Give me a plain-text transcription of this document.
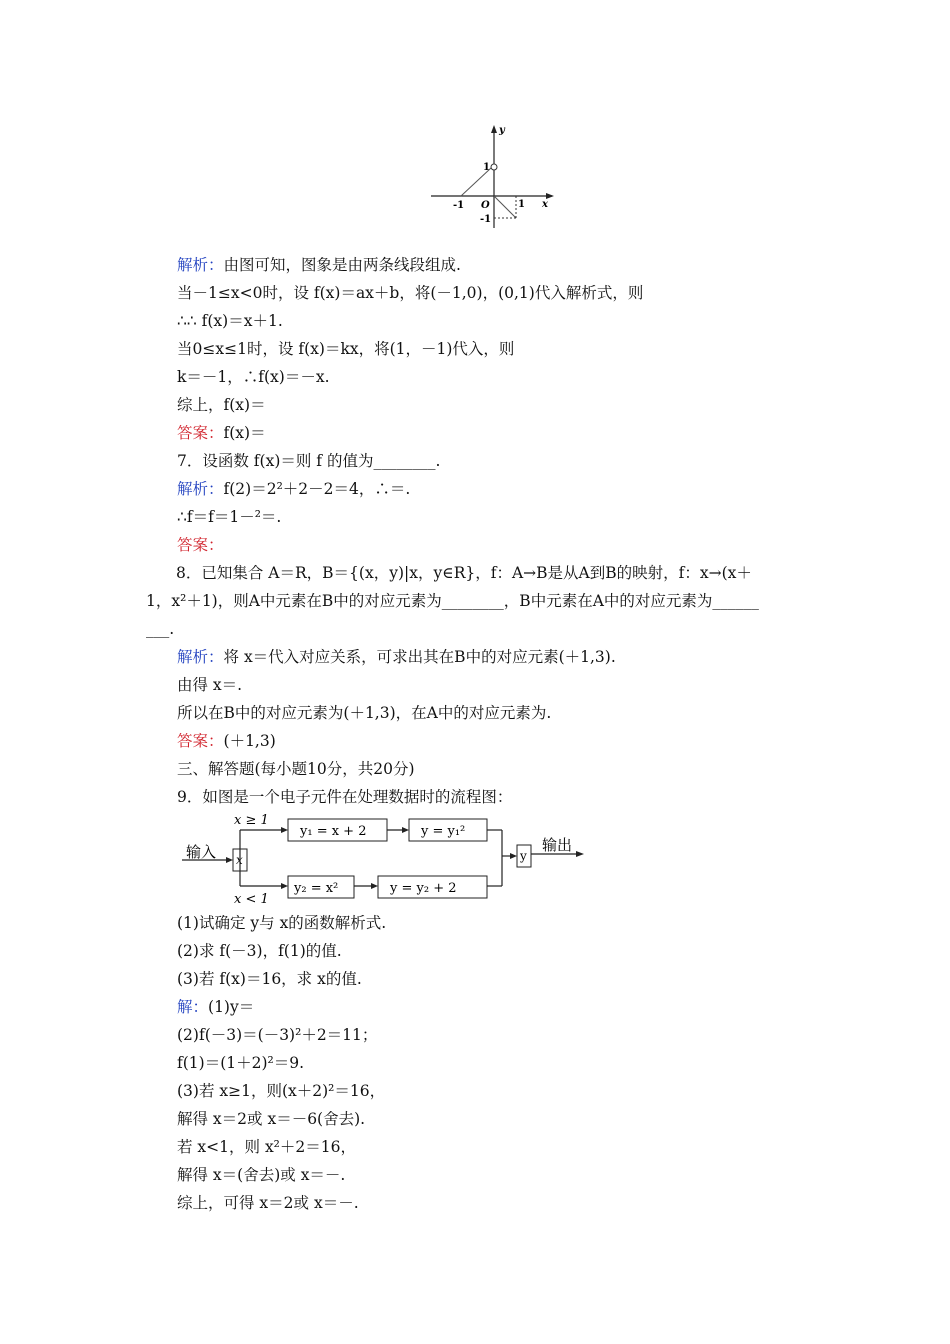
y
x
1
-1 O	1
-1

解析：由图可知，图象是由两条线段组成.

当－1≤x<0时，设 f(x)＝ax＋b，将(－1,0)，(0,1)代入解析式，则

∴∴ f(x)＝x＋1.

当0≤x≤1时，设 f(x)＝kx，将(1，－1)代入，则

k＝－1，∴f(x)＝－x.

综上，f(x)＝

答案：f(x)＝

7．设函数 f(x)＝则 f 的值为________.

解析：f(2)＝2²＋2－2＝4，∴＝.

∴f＝f＝1－²＝.

答案：

8．已知集合 A＝R，B＝{(x，y)|x，y∈R}，f：A→B是从A到B的映射，f：x→(x＋

1，x²＋1)，则A中元素在B中的对应元素为________，B中元素在A中的对应元素为______

___.

解析：将 x＝代入对应关系，可求出其在B中的对应元素(＋1,3).

由得 x＝.

所以在B中的对应元素为(＋1,3)，在A中的对应元素为.

答案：(＋1,3)

三、解答题(每小题10分，共20分)

9．如图是一个电子元件在处理数据时的流程图：

输入 x
x ≥ 1
x < 1
y₁ = x + 2	y = y₁²
y₂ = x²	y = y₂ + 2
y
输出

(1)试确定 y与 x的函数解析式.

(2)求 f(－3)，f(1)的值.

(3)若 f(x)＝16，求 x的值.

解：(1)y＝

(2)f(－3)＝(－3)²＋2＝11；

f(1)＝(1＋2)²＝9.

(3)若 x≥1，则(x＋2)²＝16，

解得 x＝2或 x＝－6(舍去).

若 x<1，则 x²＋2＝16，

解得 x＝(舍去)或 x＝－.

综上，可得 x＝2或 x＝－.
